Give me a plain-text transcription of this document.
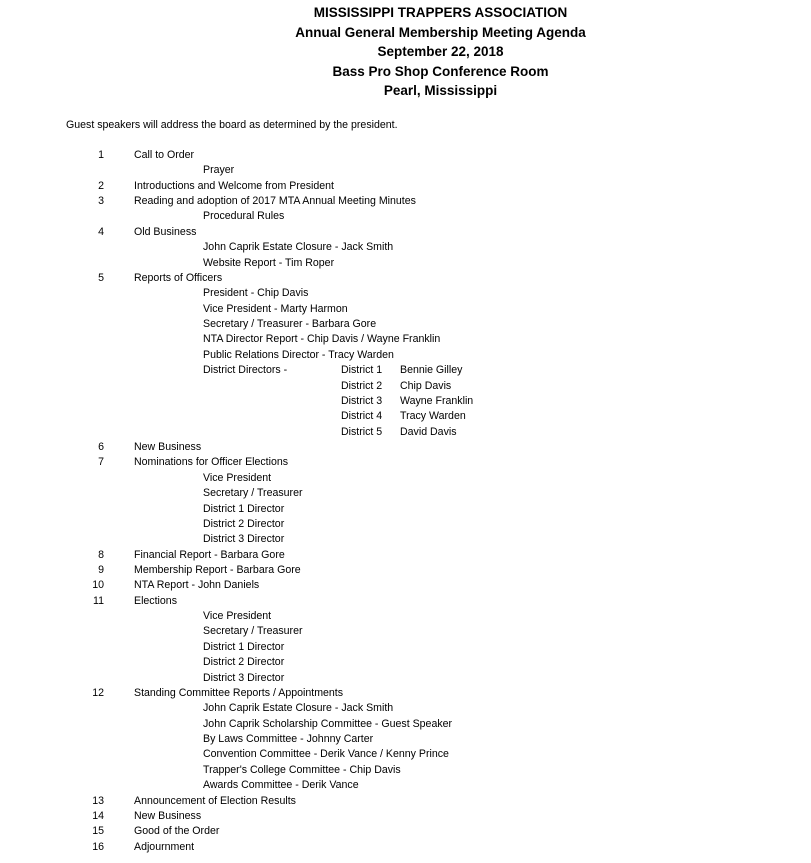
MISSISSIPPI TRAPPERS ASSOCIATION
Annual General Membership Meeting Agenda
September 22, 2018
Bass Pro Shop Conference Room
Pearl, Mississippi
Guest speakers will address the board as determined by the president.
1	Call to Order
Prayer
2	Introductions and Welcome from President
3	Reading and adoption of 2017 MTA Annual Meeting Minutes
Procedural Rules
4	Old Business
John Caprik Estate Closure - Jack Smith
Website Report - Tim Roper
5	Reports of Officers
President - Chip Davis
Vice President - Marty Harmon
Secretary / Treasurer - Barbara Gore
NTA Director Report - Chip Davis / Wayne Franklin
Public Relations Director - Tracy Warden
District Directors -	District 1 Bennie Gilley
District 2 Chip Davis
District 3 Wayne Franklin
District 4 Tracy Warden
District 5 David Davis
6	New Business
7	Nominations for Officer Elections
Vice President
Secretary / Treasurer
District 1 Director
District 2 Director
District 3 Director
8	Financial Report - Barbara Gore
9	Membership Report - Barbara Gore
10	NTA Report - John Daniels
11	Elections
Vice President
Secretary / Treasurer
District 1 Director
District 2 Director
District 3 Director
12	Standing Committee Reports / Appointments
John Caprik Estate Closure - Jack Smith
John Caprik Scholarship Committee - Guest Speaker
By Laws Committee - Johnny Carter
Convention Committee - Derik Vance / Kenny Prince
Trapper's College Committee - Chip Davis
Awards Committee - Derik Vance
13	Announcement of Election Results
14	New Business
15	Good of the Order
16	Adjournment
